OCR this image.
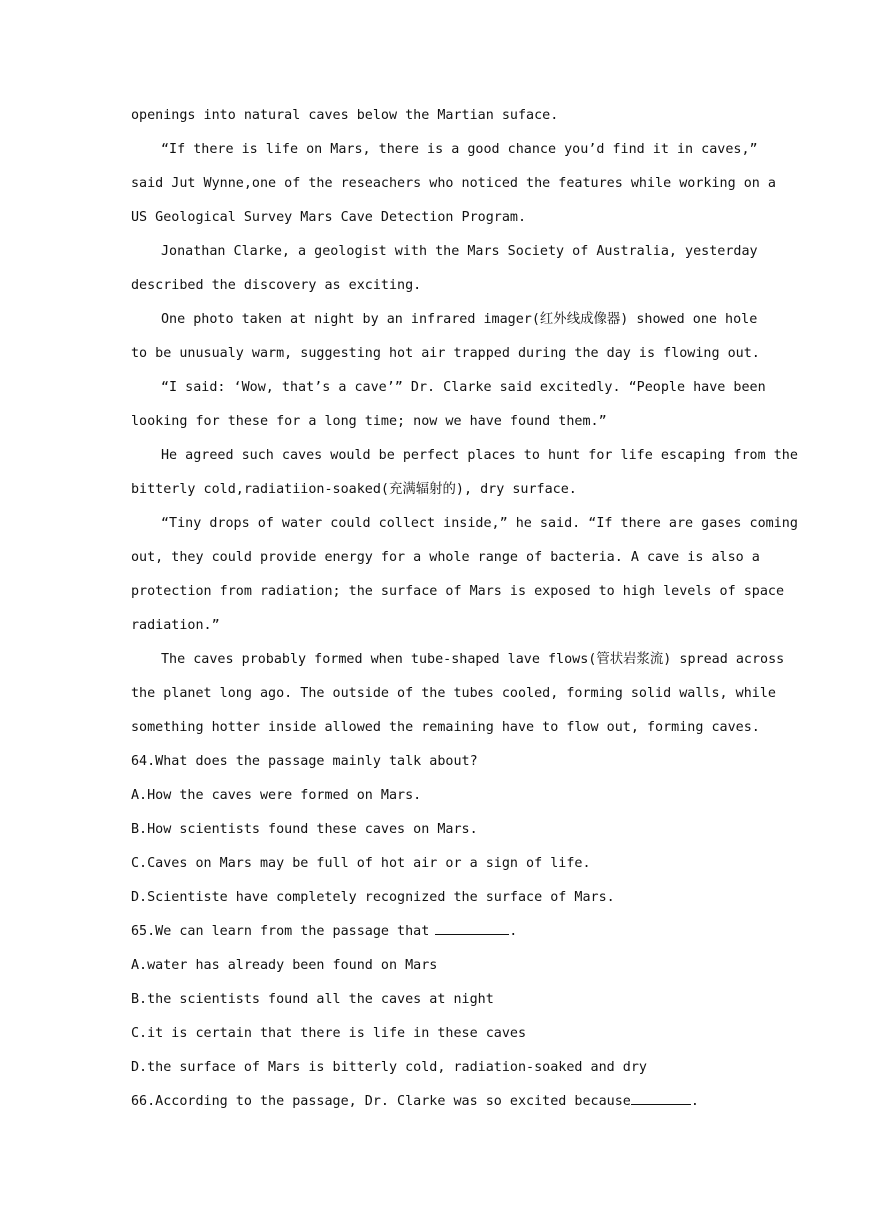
openings into natural caves below the Martian suface.
“If there is life on Mars, there is a good chance you’d find it in caves,”
said Jut Wynne,one of the reseachers who noticed the features while working on a
US Geological Survey Mars Cave Detection Program.
Jonathan Clarke, a geologist with the Mars Society of Australia, yesterday
described the discovery as exciting.
One photo taken at night by an infrared imager(红外线成像器) showed one hole
to be unusualy warm, suggesting hot air trapped during the day is flowing out.
“I said: ‘Wow, that’s a cave’” Dr. Clarke said excitedly. “People have been
looking for these for a long time; now we have found them.”
He agreed such caves would be perfect places to hunt for life escaping from the
bitterly cold,radiatiion-soaked(充满辐射的), dry surface.
“Tiny drops of water could collect inside,” he said. “If there are gases coming
out, they could provide energy for a whole range of bacteria. A cave is also a
protection from radiation; the surface of Mars is exposed to high levels of space
radiation.”
The caves probably formed when tube-shaped lave flows(管状岩浆流) spread across
the planet long ago. The outside of the tubes cooled, forming solid walls, while
something hotter inside allowed the remaining have to flow out, forming caves.
64.What does the passage mainly talk about?
A.How the caves were formed on Mars.
B.How scientists found these caves on Mars.
C.Caves on Mars may be full of hot air or a sign of life.
D.Scientiste have completely recognized the surface of Mars.
65.We can learn from the passage that	.
A.water has already been found on Mars
B.the scientists found all the caves at night
C.it is certain that there is life in these caves
D.the surface of Mars is bitterly cold, radiation-soaked and dry
66.According to the passage, Dr. Clarke was so excited because	.
